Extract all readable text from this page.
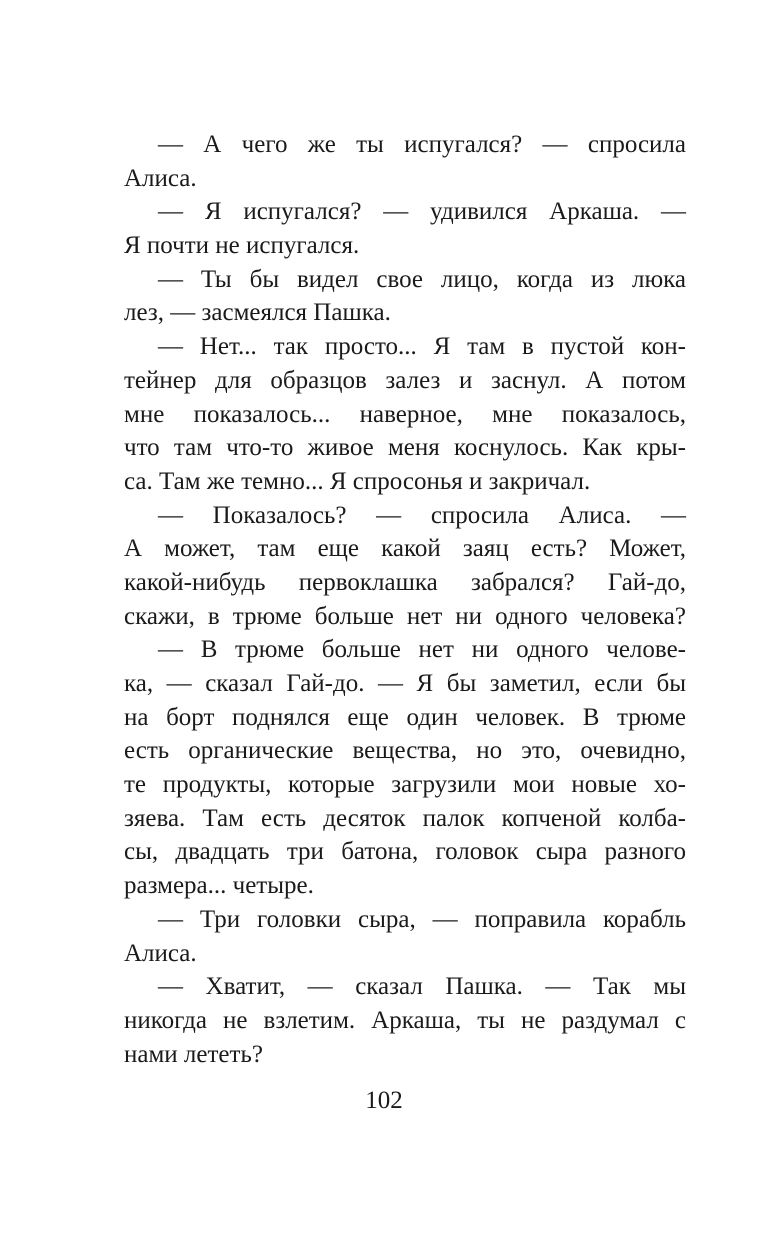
— А чего же ты испугался? — спросила
Алиса.
— Я испугался? — удивился Аркаша. —
Я почти не испугался.
— Ты бы видел свое лицо, когда из люка
лез, — засмеялся Пашка.
— Нет... так просто... Я там в пустой кон-
тейнер для образцов залез и заснул. А потом
мне показалось... наверное, мне показалось,
что там что-то живое меня коснулось. Как кры-
са. Там же темно... Я спросонья и закричал.
— Показалось? — спросила Алиса. —
А может, там еще какой заяц есть? Может,
какой-нибудь первоклашка забрался? Гай-до,
скажи, в трюме больше нет ни одного человека?
— В трюме больше нет ни одного челове-
ка, — сказал Гай-до. — Я бы заметил, если бы
на борт поднялся еще один человек. В трюме
есть органические вещества, но это, очевидно,
те продукты, которые загрузили мои новые хо-
зяева. Там есть десяток палок копченой колба-
сы, двадцать три батона, головок сыра разного
размера... четыре.
— Три головки сыра, — поправила корабль
Алиса.
— Хватит, — сказал Пашка. — Так мы
никогда не взлетим. Аркаша, ты не раздумал с
нами лететь?
102
